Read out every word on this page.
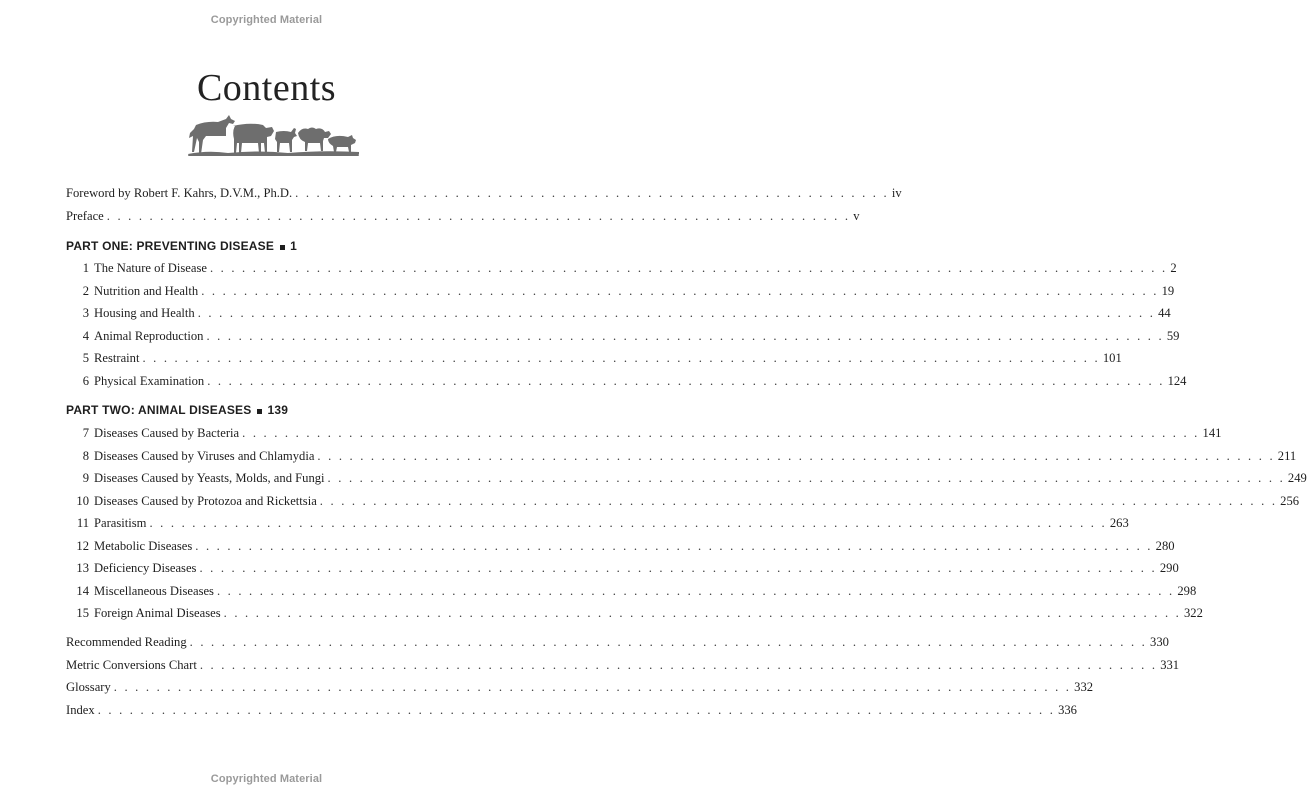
Copyrighted Material
Contents
Foreword by Robert F. Kahrs, D.V.M., Ph.D. . . . . . . . . . . . . . . . . . . . . . . . . . . . . . . . . . . . . . . . . . . . . . . . . . . . . . . . . iv
Preface . . . . . . . . . . . . . . . . . . . . . . . . . . . . . . . . . . . . . . . . . . . . . . . . . . . . . . . . . . . . . . . . . . . . . . v
PART ONE: PREVENTING DISEASE 1
1 The Nature of Disease . . . . . . . . . . . . . . . . . . . . . . . . . . . . . . . . . . . . . . . . . . . . . . . . . . . . . . . . . . . . . . . . . . . . . . . . . . . . . . . . . . . . . . . . . . 2
2 Nutrition and Health . . . . . . . . . . . . . . . . . . . . . . . . . . . . . . . . . . . . . . . . . . . . . . . . . . . . . . . . . . . . . . . . . . . . . . . . . . . . . . . . . . . . . . . . . . 19
3 Housing and Health . . . . . . . . . . . . . . . . . . . . . . . . . . . . . . . . . . . . . . . . . . . . . . . . . . . . . . . . . . . . . . . . . . . . . . . . . . . . . . . . . . . . . . . . . . 44
4 Animal Reproduction . . . . . . . . . . . . . . . . . . . . . . . . . . . . . . . . . . . . . . . . . . . . . . . . . . . . . . . . . . . . . . . . . . . . . . . . . . . . . . . . . . . . . . . . . . 59
5 Restraint . . . . . . . . . . . . . . . . . . . . . . . . . . . . . . . . . . . . . . . . . . . . . . . . . . . . . . . . . . . . . . . . . . . . . . . . . . . . . . . . . . . . . . . . . . 101
6 Physical Examination . . . . . . . . . . . . . . . . . . . . . . . . . . . . . . . . . . . . . . . . . . . . . . . . . . . . . . . . . . . . . . . . . . . . . . . . . . . . . . . . . . . . . . . . . . 124
PART TWO: ANIMAL DISEASES 139
7 Diseases Caused by Bacteria . . . . . . . . . . . . . . . . . . . . . . . . . . . . . . . . . . . . . . . . . . . . . . . . . . . . . . . . . . . . . . . . . . . . . . . . . . . . . . . . . . . . . . . . . . 141
8 Diseases Caused by Viruses and Chlamydia . . . . . . . . . . . . . . . . . . . . . . . . . . . . . . . . . . . . . . . . . . . . . . . . . . . . . . . . . . . . . . . . . . . . . . . . . . . . . . . . . . . . . . . . . . 211
9 Diseases Caused by Yeasts, Molds, and Fungi . . . . . . . . . . . . . . . . . . . . . . . . . . . . . . . . . . . . . . . . . . . . . . . . . . . . . . . . . . . . . . . . . . . . . . . . . . . . . . . . . . . . . . . . . . 249
10 Diseases Caused by Protozoa and Rickettsia . . . . . . . . . . . . . . . . . . . . . . . . . . . . . . . . . . . . . . . . . . . . . . . . . . . . . . . . . . . . . . . . . . . . . . . . . . . . . . . . . . . . . . . . . . 256
11 Parasitism . . . . . . . . . . . . . . . . . . . . . . . . . . . . . . . . . . . . . . . . . . . . . . . . . . . . . . . . . . . . . . . . . . . . . . . . . . . . . . . . . . . . . . . . . . 263
12 Metabolic Diseases . . . . . . . . . . . . . . . . . . . . . . . . . . . . . . . . . . . . . . . . . . . . . . . . . . . . . . . . . . . . . . . . . . . . . . . . . . . . . . . . . . . . . . . . . . 280
13 Deficiency Diseases . . . . . . . . . . . . . . . . . . . . . . . . . . . . . . . . . . . . . . . . . . . . . . . . . . . . . . . . . . . . . . . . . . . . . . . . . . . . . . . . . . . . . . . . . . 290
14 Miscellaneous Diseases . . . . . . . . . . . . . . . . . . . . . . . . . . . . . . . . . . . . . . . . . . . . . . . . . . . . . . . . . . . . . . . . . . . . . . . . . . . . . . . . . . . . . . . . . . 298
15 Foreign Animal Diseases . . . . . . . . . . . . . . . . . . . . . . . . . . . . . . . . . . . . . . . . . . . . . . . . . . . . . . . . . . . . . . . . . . . . . . . . . . . . . . . . . . . . . . . . . . 322
Recommended Reading . . . . . . . . . . . . . . . . . . . . . . . . . . . . . . . . . . . . . . . . . . . . . . . . . . . . . . . . . . . . . . . . . . . . . . . . . . . . . . . . . . . . . . . . . . 330
Metric Conversions Chart . . . . . . . . . . . . . . . . . . . . . . . . . . . . . . . . . . . . . . . . . . . . . . . . . . . . . . . . . . . . . . . . . . . . . . . . . . . . . . . . . . . . . . . . . . 331
Glossary . . . . . . . . . . . . . . . . . . . . . . . . . . . . . . . . . . . . . . . . . . . . . . . . . . . . . . . . . . . . . . . . . . . . . . . . . . . . . . . . . . . . . . . . . . 332
Index . . . . . . . . . . . . . . . . . . . . . . . . . . . . . . . . . . . . . . . . . . . . . . . . . . . . . . . . . . . . . . . . . . . . . . . . . . . . . . . . . . . . . . . . . . 336
Copyrighted Material
